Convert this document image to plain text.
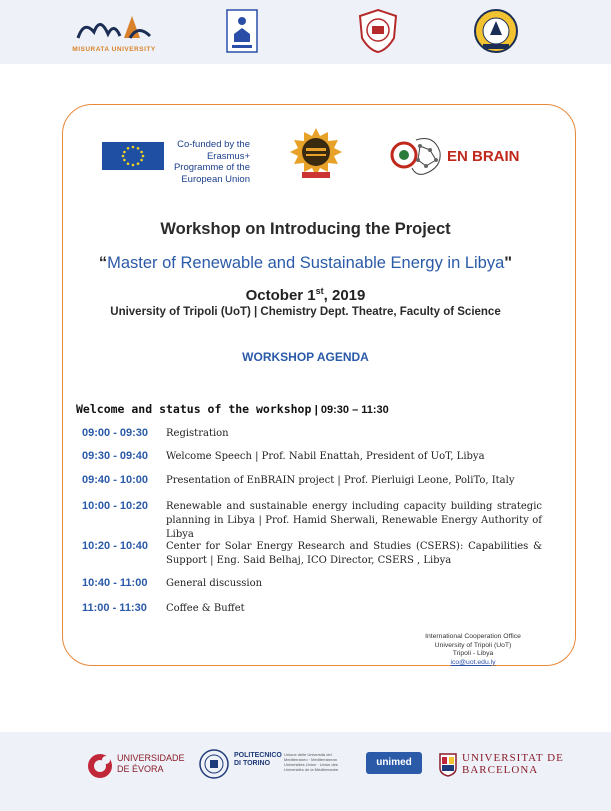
MISURATA UNIVERSITY
Co-funded by the Erasmus+ Programme of the European Union
EN BRAIN
Workshop on Introducing the Project
“Master of Renewable and Sustainable Energy in Libya"
October 1st, 2019
University of Tripoli (UoT) | Chemistry Dept. Theatre, Faculty of Science
WORKSHOP AGENDA
Welcome and status of the workshop | 09:30 – 11:30
09:00 - 09:30	Registration
09:30 - 09:40	Welcome Speech | Prof. Nabil Enattah, President of UoT, Libya
09:40 - 10:00	Presentation of EnBRAIN project | Prof. Pierluigi Leone, PoliTo, Italy
10:00 - 10:20	Renewable and sustainable energy including capacity building strategic planning in Libya | Prof. Hamid Sherwali, Renewable Energy Authority of Libya
10:20 - 10:40	Center for Solar Energy Research and Studies (CSERS): Capabilities & Support | Eng. Said Belhaj, ICO Director, CSERS , Libya
10:40 - 11:00	General discussion
11:00 - 11:30	Coffee & Buffet
International Cooperation Office
University of Tripoli (UoT)
Tripoli - Libya
ico@uot.edu.ly
UNIVERSIDADE
DE ÉVORA
POLITECNICO
DI TORINO
Unione delle Università del Mediterraneo · Mediterranean Universities Union · Union des Universités de la Méditerranée
unimed	UNIVERSITAT DE
BARCELONA
